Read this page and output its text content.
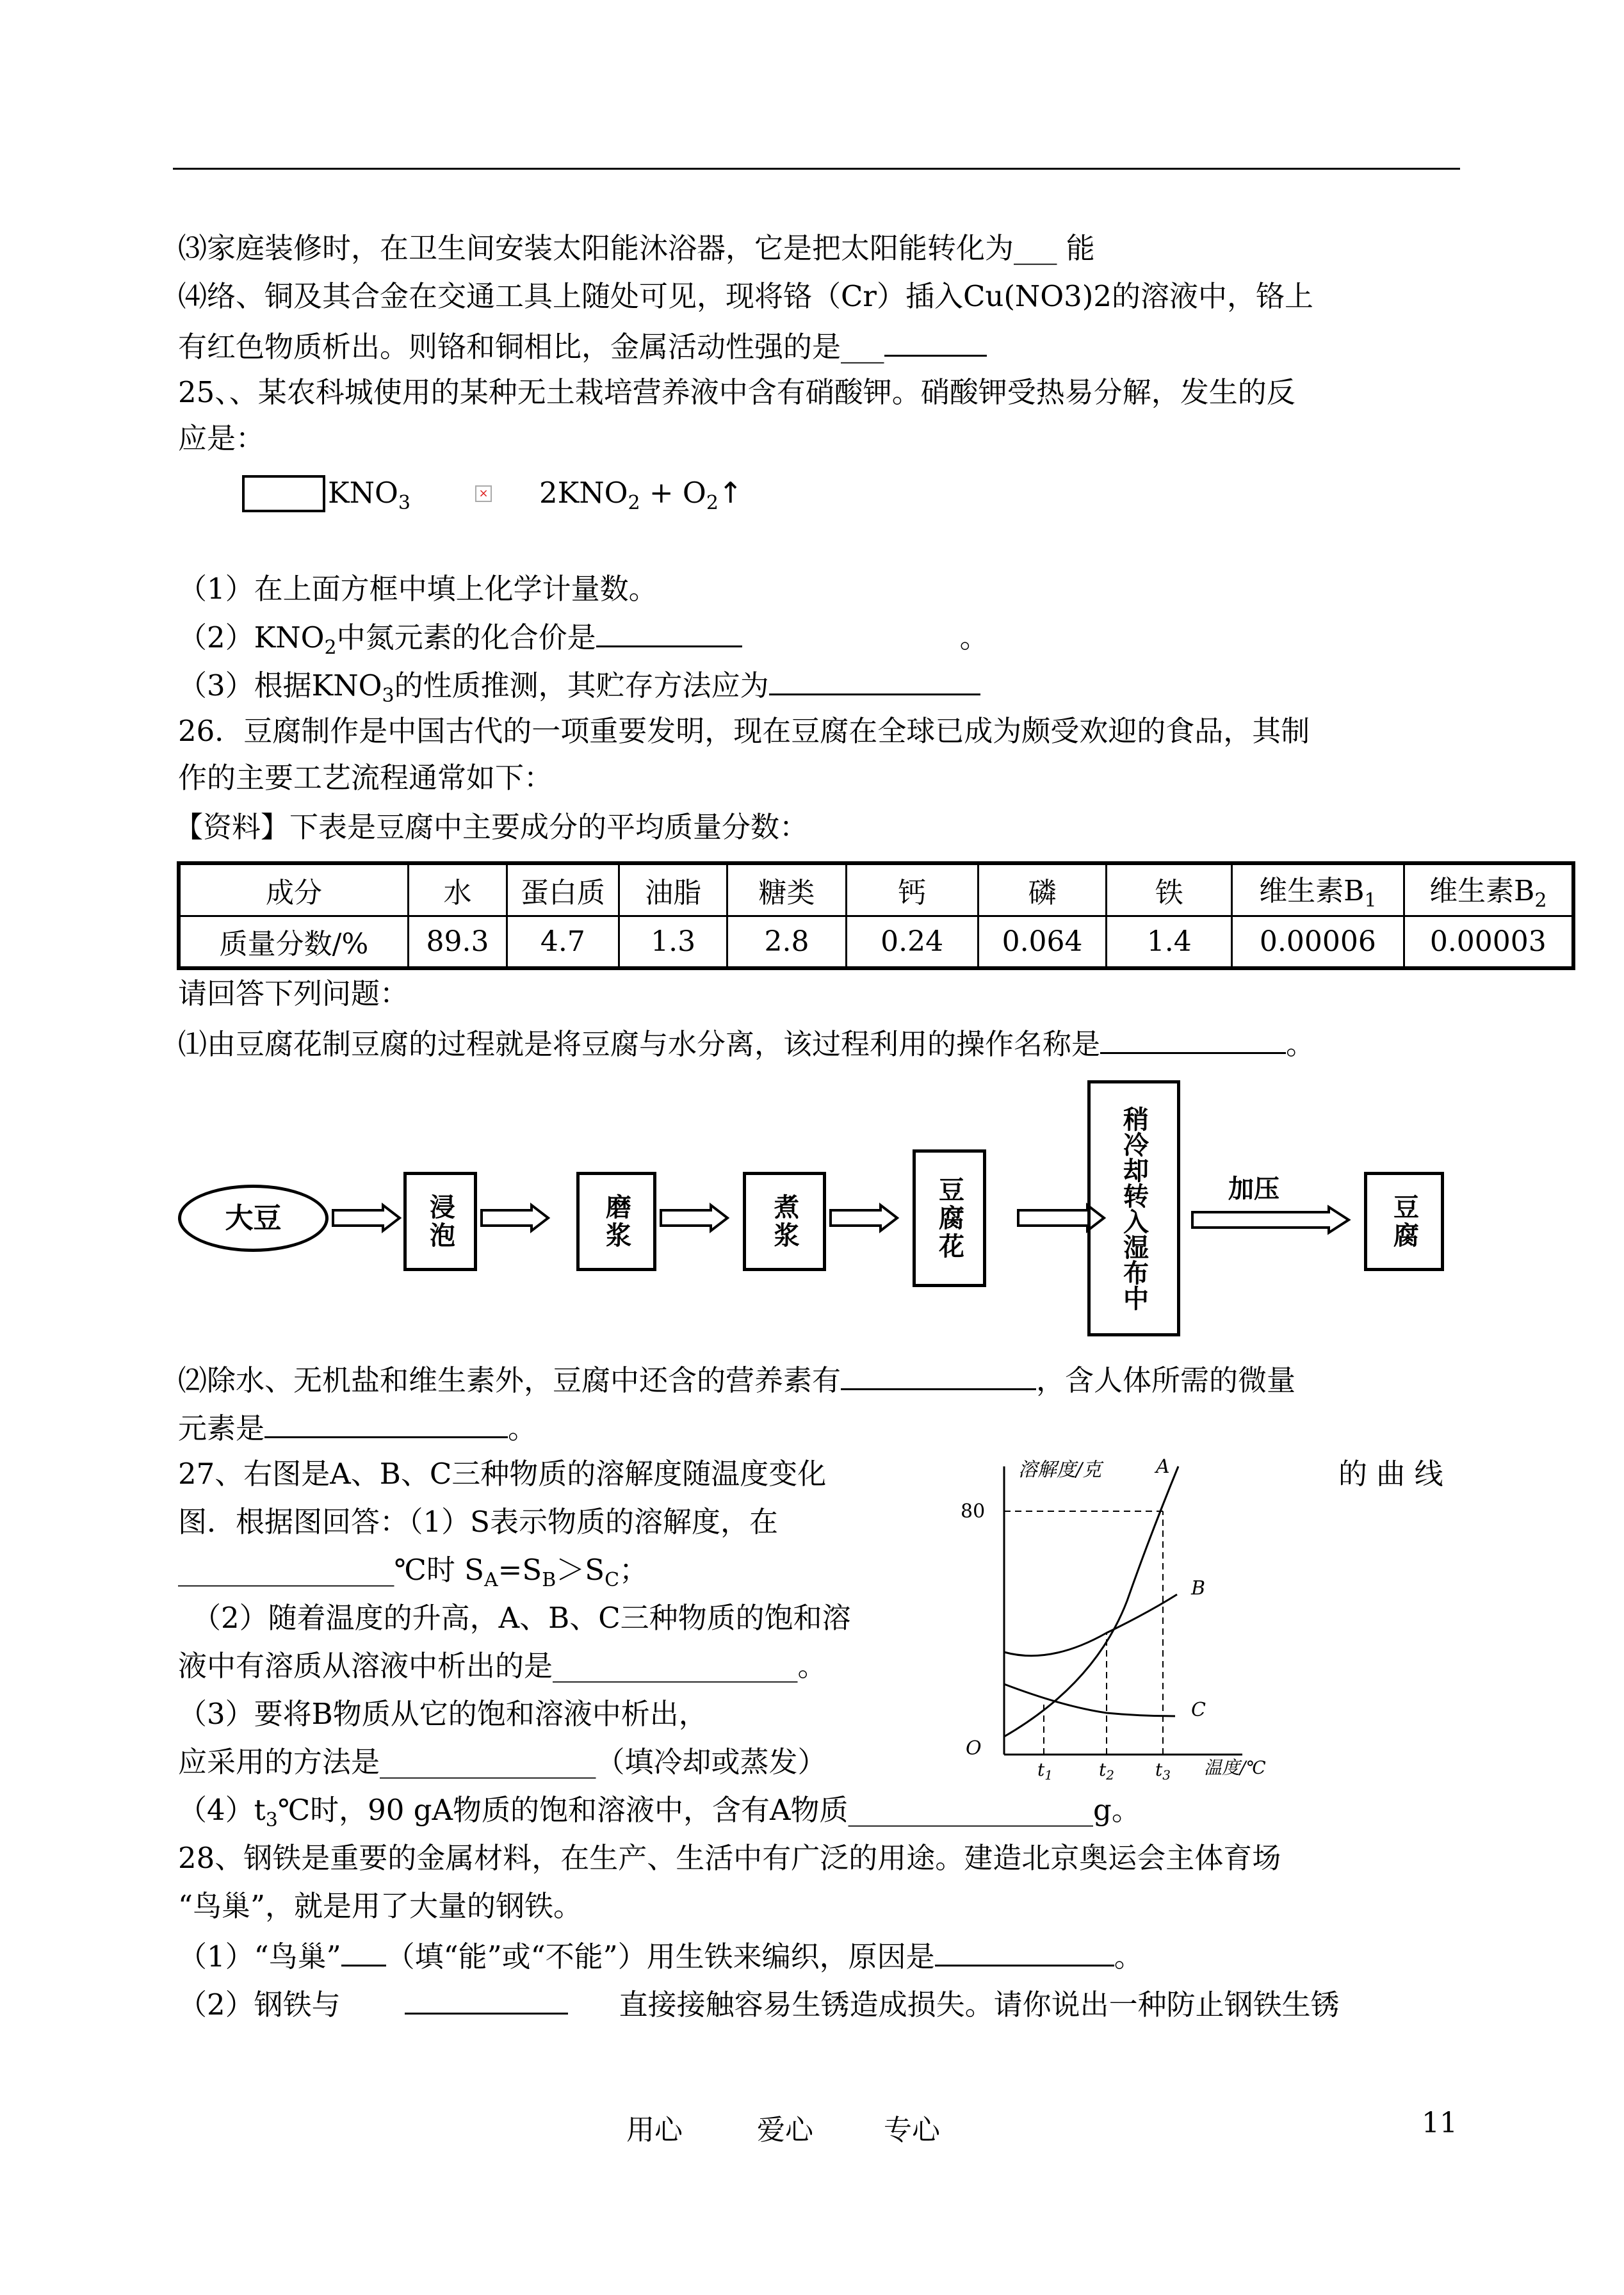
⑶家庭装修时，在卫生间安装太阳能沐浴器，它是把太阳能转化为___ 能
⑷络、铜及其合金在交通工具上随处可见，现将铬（Cr）插入Cu(NO3)2的溶液中，铬上
有红色物质析出。则铬和铜相比，金属活动性强的是___
25、、某农科城使用的某种无土栽培营养液中含有硝酸钾。硝酸钾受热易分解，发生的反
应是：
$KNO_3$	× $2KNO_2$ + $O_2↑$
（1）在上面方框中填上化学计量数。
$(2)KNO_2$中氮元素的化合价是	。
（3）根据$KNO_3$的性质推测，其贮存方法应为
26．豆腐制作是中国古代的一项重要发明，现在豆腐在全球已成为颇受欢迎的食品，其制
作的主要工艺流程通常如下：
【资料】下表是豆腐中主要成分的平均质量分数：
成分	水	蛋白质	油脂	糖类	钙	磷	铁	维生素$B_1$	维生素$B_2$
质量分数/%	89.3	4.7	1.3	2.8	0.24	0.064	1.4	0.00006	0.00003
请回答下列问题：
⑴由豆腐花制豆腐的过程就是将豆腐与水分离，该过程利用的操作名称是	。
大豆	浸泡	磨浆	煮浆	豆腐花	稍冷却转入湿布中	加压
豆腐
⑵除水、无机盐和维生素外，豆腐中还含的营养素有	，含人体所需的微量
元素是	。
27、右图是A、B、C三种物质的溶解度随温度变化	的 曲 线
图．根据图回答：（1）S表示物质的溶解度，在
_______________℃时 $S_A=S_B>S_C$；
（2）随着温度的升高，A、B、C三种物质的饱和溶
液中有溶质从溶液中析出的是_________________。
（3）要将B物质从它的饱和溶液中析出，
应采用的方法是_______________（填冷却或蒸发）
$(4)t_3℃$时，90 gA物质的饱和溶液中，含有A物质_________________g。
溶解度/克
温度/℃
80
O
A
B
C
$t_1$	$t_2$ $t_3$
28、钢铁是重要的金属材料，在生产、生活中有广泛的用途。建造北京奥运会主体育场
“鸟巢”，就是用了大量的钢铁。
（1）“鸟巢” （填“能”或“不能”）用生铁来编织，原因是	。
（2）钢铁与	直接接触容易生锈造成损失。请你说出一种防止钢铁生锈
用心	爱心	专心	11
